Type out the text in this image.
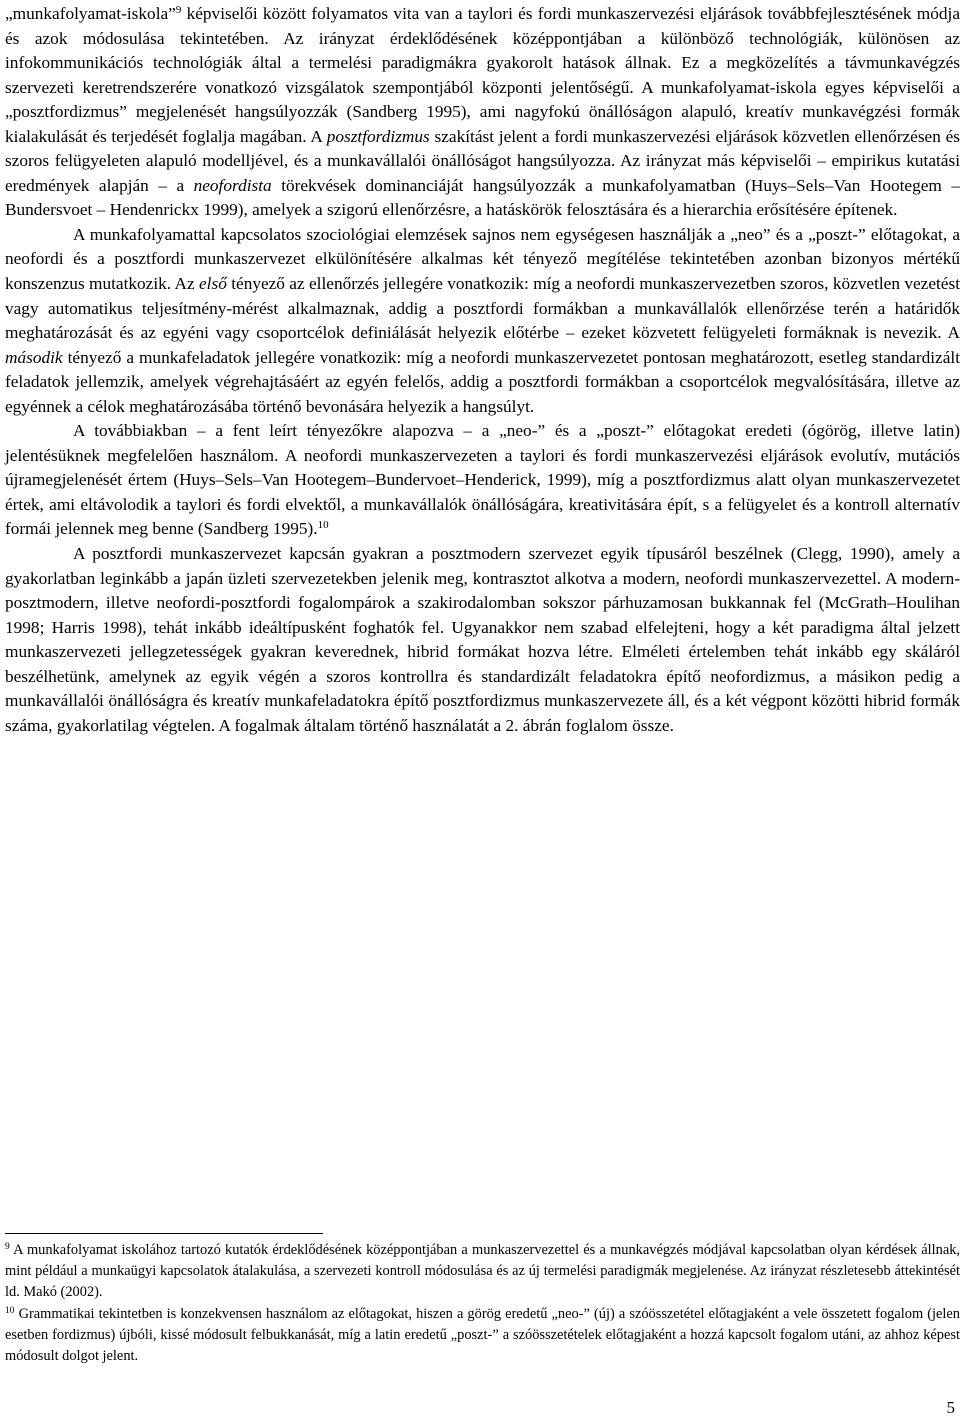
„munkafolyamat-iskola”$^9$ képviselői között folyamatos vita van a taylori és fordi munkaszervezési eljárások továbbfejlesztésének módja és azok módosulása tekintetében. Az irányzat érdeklődésének középpontjában a különböző technológiák, különösen az infokommunikációs technológiák által a termelési paradigmákra gyakorolt hatások állnak. Ez a megközelítés a távmunkavégzés szervezeti keretrendszerére vonatkozó vizsgálatok szempontjából központi jelentőségű. A munkafolyamat-iskola egyes képviselői a „posztfordizmus” megjelenését hangsúlyozzák (Sandberg 1995), ami nagyfokú önállóságon alapuló, kreatív munkavégzési formák kialakulását és terjedését foglalja magában. A posztfordizmus szakítást jelent a fordi munkaszervezési eljárások közvetlen ellenőrzésen és szoros felügyeleten alapuló modelljével, és a munkavállalói önállóságot hangsúlyozza. Az irányzat más képviselői – empirikus kutatási eredmények alapján – a neofordista törekvések dominanciáját hangsúlyozzák a munkafolyamatban (Huys–Sels–Van Hootegem – Bundersvoet – Hendenrickx 1999), amelyek a szigorú ellenőrzésre, a hatáskörök felosztására és a hierarchia erősítésére építenek.

A munkafolyamattal kapcsolatos szociológiai elemzések sajnos nem egységesen használják a „neo” és a „poszt-” előtagokat, a neofordi és a posztfordi munkaszervezet elkülönítésére alkalmas két tényező megítélése tekintetében azonban bizonyos mértékű konszenzus mutatkozik. Az első tényező az ellenőrzés jellegére vonatkozik: míg a neofordi munkaszervezetben szoros, közvetlen vezetést vagy automatikus teljesítmény-mérést alkalmaznak, addig a posztfordi formákban a munkavállalók ellenőrzése terén a határidők meghatározását és az egyéni vagy csoportcélok definiálását helyezik előtérbe – ezeket közvetett felügyeleti formáknak is nevezik. A második tényező a munkafeladatok jellegére vonatkozik: míg a neofordi munkaszervezetet pontosan meghatározott, esetleg standardizált feladatok jellemzik, amelyek végrehajtásáért az egyén felelős, addig a posztfordi formákban a csoportcélok megvalósítására, illetve az egyénnek a célok meghatározásába történő bevonására helyezik a hangsúlyt.

A továbbiakban – a fent leírt tényezőkre alapozva – a „neo-” és a „poszt-” előtagokat eredeti (ógörög, illetve latin) jelentésüknek megfelelően használom. A neofordi munkaszervezeten a taylori és fordi munkaszervezési eljárások evolutív, mutációs újramegjelenését értem (Huys–Sels–Van Hootegem–Bundervoet–Henderick, 1999), míg a posztfordizmus alatt olyan munkaszervezetet értek, ami eltávolodik a taylori és fordi elvektől, a munkavállalók önállóságára, kreativitására épít, s a felügyelet és a kontroll alternatív formái jelennek meg benne (Sandberg 1995).$^{10}$

A posztfordi munkaszervezet kapcsán gyakran a posztmodern szervezet egyik típusáról beszélnek (Clegg, 1990), amely a gyakorlatban leginkább a japán üzleti szervezetekben jelenik meg, kontrasztot alkotva a modern, neofordi munkaszervezettel. A modern-posztmodern, illetve neofordi-posztfordi fogalompárok a szakirodalomban sokszor párhuzamosan bukkannak fel (McGrath–Houlihan 1998; Harris 1998), tehát inkább ideáltípusként foghatók fel. Ugyanakkor nem szabad elfelejteni, hogy a két paradigma által jelzett munkaszervezeti jellegzetességek gyakran keverednek, hibrid formákat hozva létre. Elméleti értelemben tehát inkább egy skáláról beszélhetünk, amelynek az egyik végén a szoros kontrollra és standardizált feladatokra építő neofordizmus, a másikon pedig a munkavállalói önállóságra és kreatív munkafeladatokra építő posztfordizmus munkaszervezete áll, és a két végpont közötti hibrid formák száma, gyakorlatilag végtelen. A fogalmak általam történő használatát a 2. ábrán foglalom össze.

$^9$ A munkafolyamat iskolához tartozó kutatók érdeklődésének középpontjában a munkaszervezettel és a munkavégzés módjával kapcsolatban olyan kérdések állnak, mint például a munkaügyi kapcsolatok átalakulása, a szervezeti kontroll módosulása és az új termelési paradigmák megjelenése. Az irányzat részletesebb áttekintését ld. Makó (2002).

$^{10}$ Grammatikai tekintetben is konzekvensen használom az előtagokat, hiszen a görög eredetű „neo-” (új) a szóösszetétel előtagjaként a vele összetett fogalom (jelen esetben fordizmus) újbóli, kissé módosult felbukkanását, míg a latin eredetű „poszt-” a szóösszetételek előtagjaként a hozzá kapcsolt fogalom utáni, az ahhoz képest módosult dolgot jelent.

5
